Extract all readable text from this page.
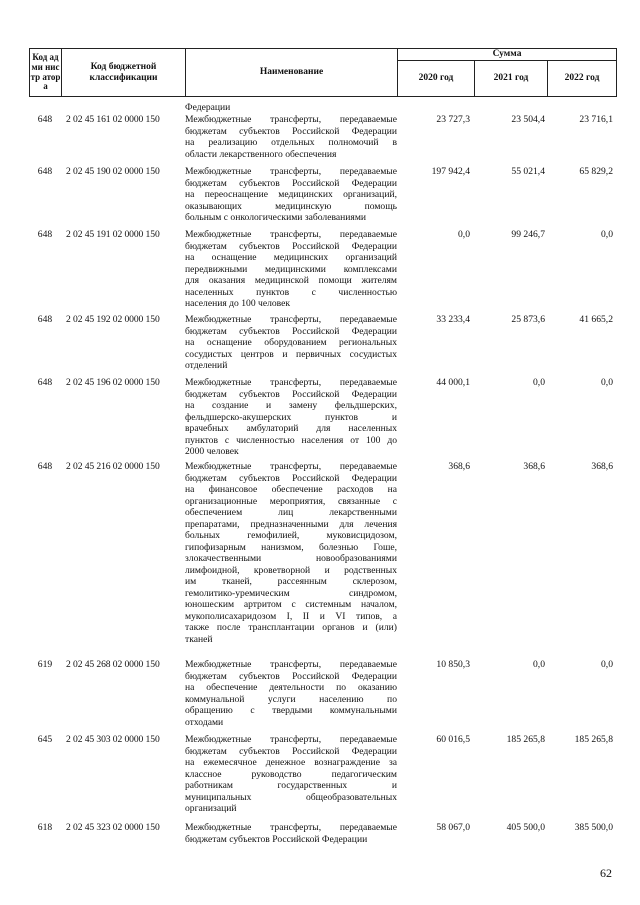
Код адми нистр атора	Код бюджетной классификации	Наименование	Сумма		
			2020 год	2021 год	2022 год
Федерации
648	2 02 45 161 02 0000 150	Межбюджетные трансферты, передаваемые
бюджетам субъектов Российской Федерации
на реализацию отдельных полномочий в
области лекарственного обеспечения
23 727,3	23 504,4	23 716,1
648	2 02 45 190 02 0000 150	Межбюджетные трансферты, передаваемые
бюджетам субъектов Российской Федерации
на переоснащение медицинских организаций,
оказывающих медицинскую помощь
больным с онкологическими заболеваниями
197 942,4	55 021,4	65 829,2
648	2 02 45 191 02 0000 150	Межбюджетные трансферты, передаваемые
бюджетам субъектов Российской Федерации
на оснащение медицинских организаций
передвижными медицинскими комплексами
для оказания медицинской помощи жителям
населенных пунктов с численностью
населения до 100 человек
0,0	99 246,7	0,0
648	2 02 45 192 02 0000 150	Межбюджетные трансферты, передаваемые
бюджетам субъектов Российской Федерации
на оснащение оборудованием региональных
сосудистых центров и первичных сосудистых
отделений
33 233,4	25 873,6	41 665,2
648	2 02 45 196 02 0000 150	Межбюджетные трансферты, передаваемые
бюджетам субъектов Российской Федерации
на создание и замену фельдшерских,
фельдшерско-акушерских пунктов и
врачебных амбулаторий для населенных
пунктов с численностью населения от 100 до
2000 человек
44 000,1	0,0	0,0
648	2 02 45 216 02 0000 150	Межбюджетные трансферты, передаваемые
бюджетам субъектов Российской Федерации
на финансовое обеспечение расходов на
организационные мероприятия, связанные с
обеспечением лиц лекарственными
препаратами, предназначенными для лечения
больных гемофилией, муковисцидозом,
гипофизарным нанизмом, болезнью Гоше,
злокачественными новообразованиями
лимфоидной, кроветворной и родственных
им тканей, рассеянным склерозом,
гемолитико-уремическим синдромом,
юношеским артритом с системным началом,
мукополисахаридозом I, II и VI типов, а
также после трансплантации органов и (или)
тканей
368,6	368,6	368,6
619	2 02 45 268 02 0000 150	Межбюджетные трансферты, передаваемые
бюджетам субъектов Российской Федерации
на обеспечение деятельности по оказанию
коммунальной услуги населению по
обращению с твердыми коммунальными
отходами
10 850,3	0,0	0,0
645	2 02 45 303 02 0000 150	Межбюджетные трансферты, передаваемые
бюджетам субъектов Российской Федерации
на ежемесячное денежное вознаграждение за
классное руководство педагогическим
работникам государственных и
муниципальных общеобразовательных
организаций
60 016,5	185 265,8	185 265,8
618	2 02 45 323 02 0000 150	Межбюджетные трансферты, передаваемые
бюджетам субъектов Российской Федерации
58 067,0	405 500,0	385 500,0
62
